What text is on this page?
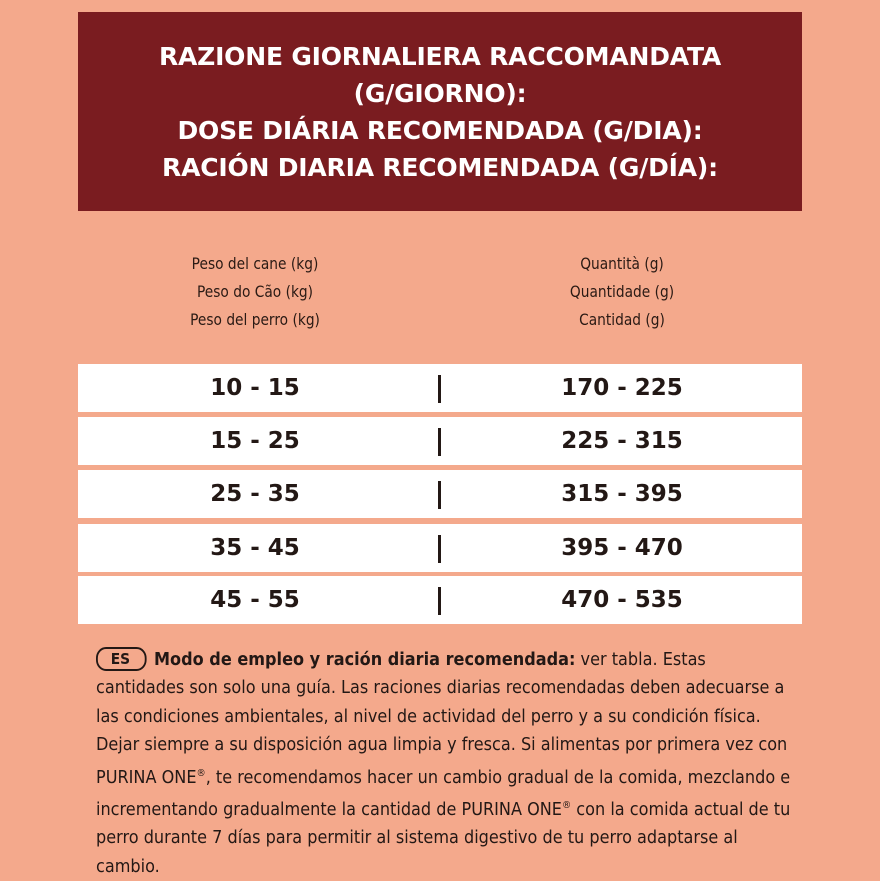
RAZIONE GIORNALIERA RACCOMANDATA
(G/GIORNO):
DOSE DIÁRIA RECOMENDADA (G/DIA):
RACIÓN DIARIA RECOMENDADA (G/DÍA):
Peso del cane (kg)
Peso do Cão (kg)
Peso del perro (kg)
Quantità (g)
Quantidade (g)
Cantidad (g)
10 - 15	170 - 225
15 - 25	225 - 315
25 - 35	315 - 395
35 - 45	395 - 470
45 - 55	470 - 535
ES Modo de empleo y ración diaria recomendada: ver tabla. Estas cantidades son solo una guía. Las raciones diarias recomendadas deben adecuarse a las condiciones ambientales, al nivel de actividad del perro y a su condición física. Dejar siempre a su disposición agua limpia y fresca. Si alimentas por primera vez con PURINA ONE®, te recomendamos hacer un cambio gradual de la comida, mezclando e incrementando gradualmente la cantidad de PURINA ONE® con la comida actual de tu perro durante 7 días para permitir al sistema digestivo de tu perro adaptarse al cambio.
